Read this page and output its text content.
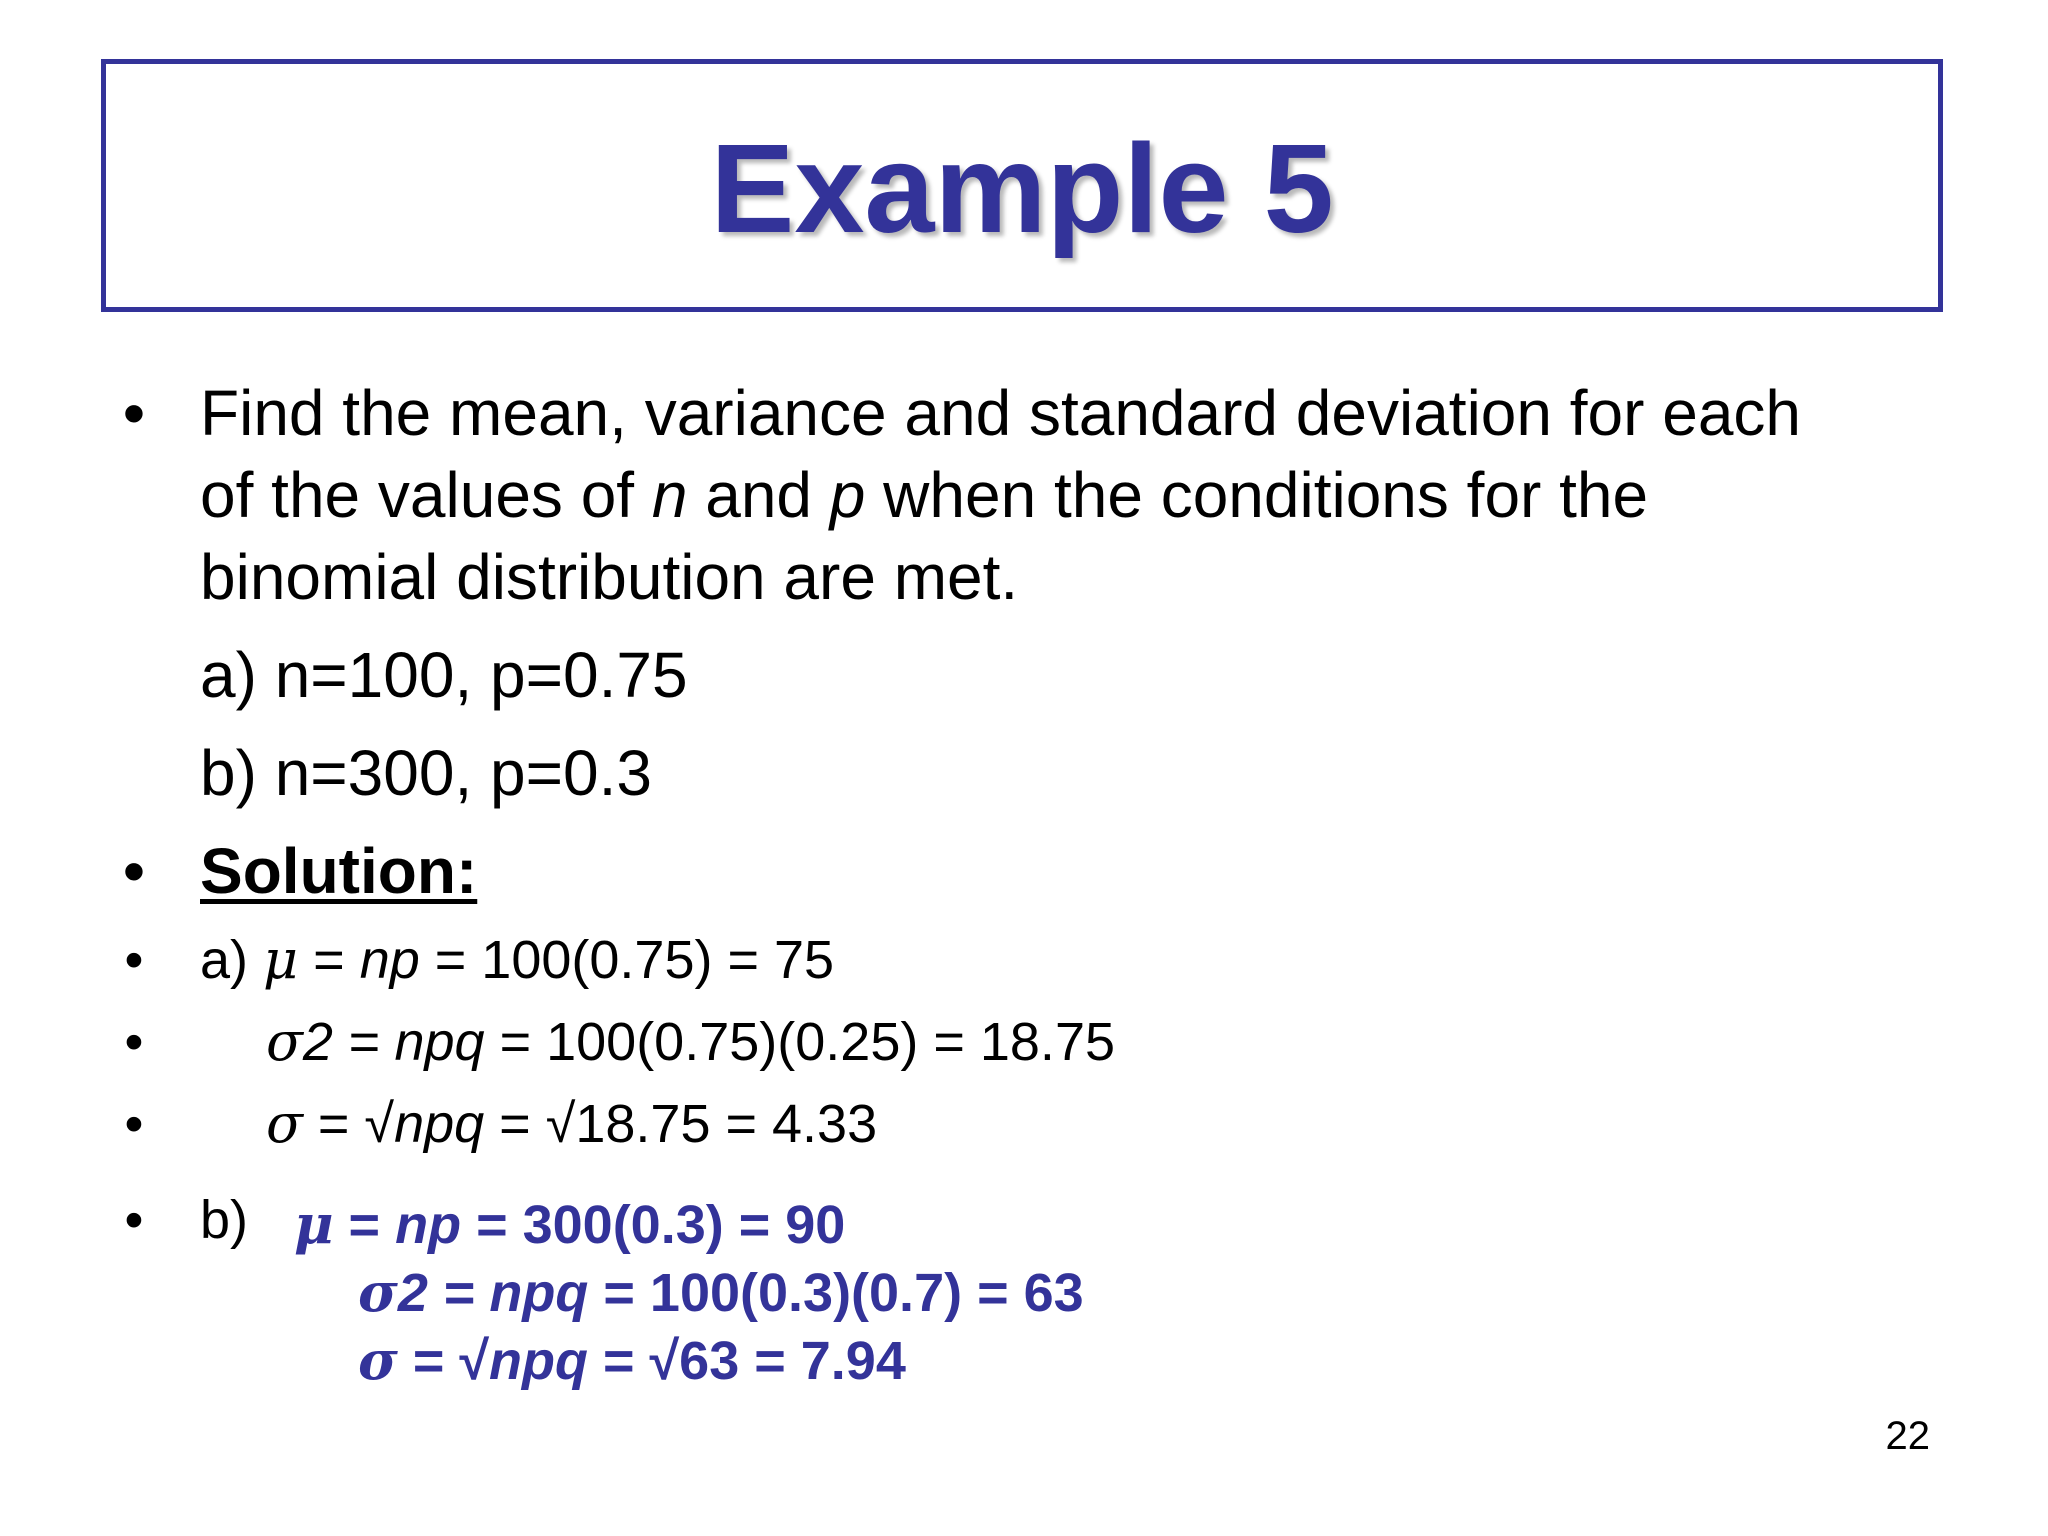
Example 5
• Find the mean, variance and standard deviation for each
of the values of n and p when the conditions for the
binomial distribution are met.
a) n=100, p=0.75
b) n=300, p=0.3
• Solution:
• a) μ = np = 100(0.75) = 75
• σ2 = npq = 100(0.75)(0.25) = 18.75
• σ = √npq = √18.75 = 4.33
• b) μ = np = 300(0.3) = 90
σ2 = npq = 100(0.3)(0.7) = 63
σ = √npq = √63 = 7.94
22
